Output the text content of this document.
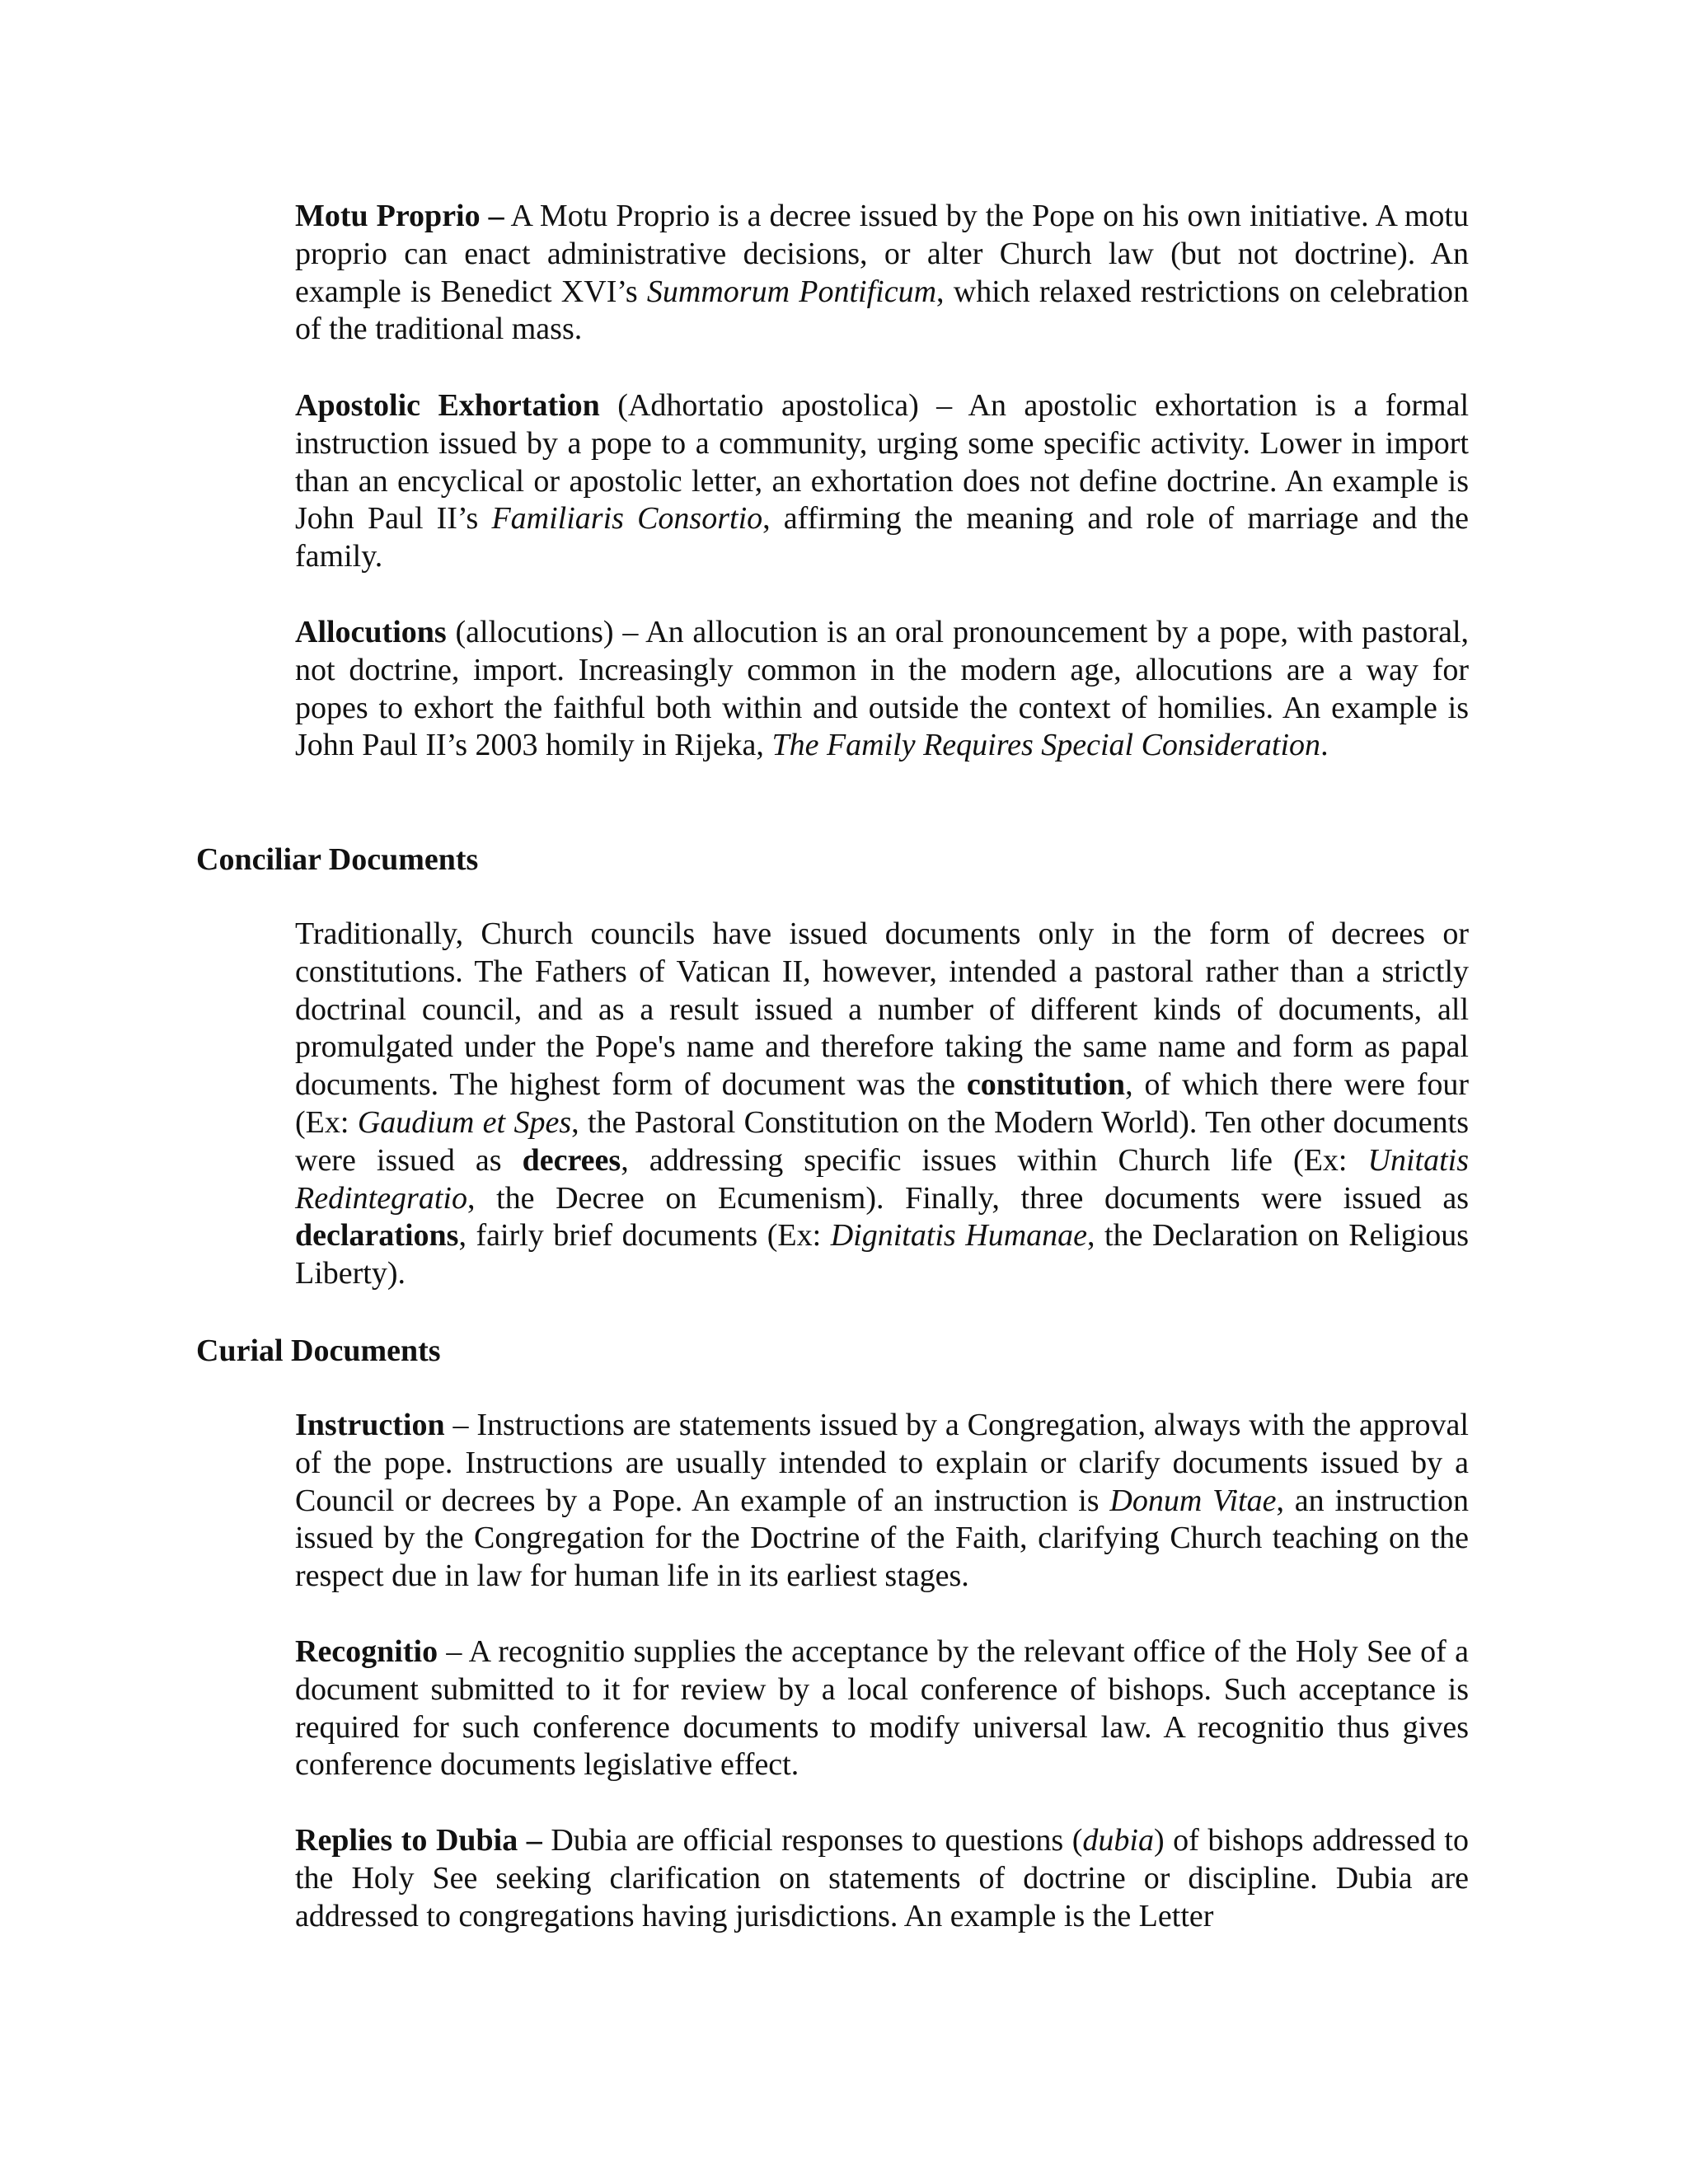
Motu Proprio – A Motu Proprio is a decree issued by the Pope on his own initiative. A motu proprio can enact administrative decisions, or alter Church law (but not doctrine). An example is Benedict XVI’s Summorum Pontificum, which relaxed restrictions on celebration of the traditional mass.

Apostolic Exhortation (Adhortatio apostolica) – An apostolic exhortation is a formal instruction issued by a pope to a community, urging some specific activity. Lower in import than an encyclical or apostolic letter, an exhortation does not define doctrine. An example is John Paul II’s Familiaris Consortio, affirming the meaning and role of marriage and the family.

Allocutions (allocutions) – An allocution is an oral pronouncement by a pope, with pastoral, not doctrine, import. Increasingly common in the modern age, allocutions are a way for popes to exhort the faithful both within and outside the context of homilies. An example is John Paul II’s 2003 homily in Rijeka, The Family Requires Special Consideration.

Conciliar Documents

Traditionally, Church councils have issued documents only in the form of decrees or constitutions. The Fathers of Vatican II, however, intended a pastoral rather than a strictly doctrinal council, and as a result issued a number of different kinds of documents, all promulgated under the Pope's name and therefore taking the same name and form as papal documents. The highest form of document was the constitution, of which there were four (Ex: Gaudium et Spes, the Pastoral Constitution on the Modern World). Ten other documents were issued as decrees, addressing specific issues within Church life (Ex: Unitatis Redintegratio, the Decree on Ecumenism). Finally, three documents were issued as declarations, fairly brief documents (Ex: Dignitatis Humanae, the Declaration on Religious Liberty).

Curial Documents

Instruction – Instructions are statements issued by a Congregation, always with the approval of the pope. Instructions are usually intended to explain or clarify documents issued by a Council or decrees by a Pope. An example of an instruction is Donum Vitae, an instruction issued by the Congregation for the Doctrine of the Faith, clarifying Church teaching on the respect due in law for human life in its earliest stages.

Recognitio – A recognitio supplies the acceptance by the relevant office of the Holy See of a document submitted to it for review by a local conference of bishops. Such acceptance is required for such conference documents to modify universal law. A recognitio thus gives conference documents legislative effect.

Replies to Dubia – Dubia are official responses to questions (dubia) of bishops addressed to the Holy See seeking clarification on statements of doctrine or discipline. Dubia are addressed to congregations having jurisdictions. An example is the Letter
